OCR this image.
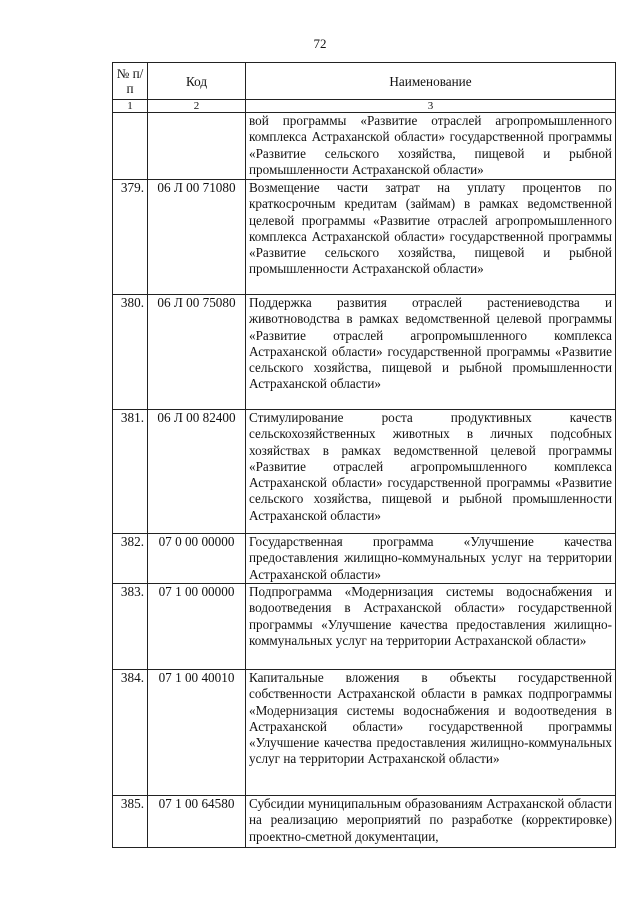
72
№ п/п	Код	Наименование
1	2	3
		вой программы «Развитие отраслей агропромышленного комплекса Астраханской области» государственной программы «Развитие сельского хозяйства, пищевой и рыбной промышленности Астраханской области»
379.	06 Л 00 71080	Возмещение части затрат на уплату процентов по краткосрочным кредитам (займам) в рамках ведомственной целевой программы «Развитие отраслей агропромышленного комплекса Астраханской области» государственной программы «Развитие сельского хозяйства, пищевой и рыбной промышленности Астраханской области»
380.	06 Л 00 75080	Поддержка развития отраслей растениеводства и животноводства в рамках ведомственной целевой программы «Развитие отраслей агропромышленного комплекса Астраханской области» государственной программы «Развитие сельского хозяйства, пищевой и рыбной промышленности Астраханской области»
381.	06 Л 00 82400	Стимулирование роста продуктивных качеств сельскохозяйственных животных в личных подсобных хозяйствах в рамках ведомственной целевой программы «Развитие отраслей агропромышленного комплекса Астраханской области» государственной программы «Развитие сельского хозяйства, пищевой и рыбной промышленности Астраханской области»
382.	07 0 00 00000	Государственная программа «Улучшение качества предоставления жилищно-коммунальных услуг на территории Астраханской области»
383.	07 1 00 00000	Подпрограмма «Модернизация системы водоснабжения и водоотведения в Астраханской области» государственной программы «Улучшение качества предоставления жилищно-коммунальных услуг на территории Астраханской области»
384.	07 1 00 40010	Капитальные вложения в объекты государственной собственности Астраханской области в рамках подпрограммы «Модернизация системы водоснабжения и водоотведения в Астраханской области» государственной программы «Улучшение качества предоставления жилищно-коммунальных услуг на территории Астраханской области»
385.	07 1 00 64580	Субсидии муниципальным образованиям Астраханской области на реализацию мероприятий по разработке (корректировке) проектно-сметной документации,
